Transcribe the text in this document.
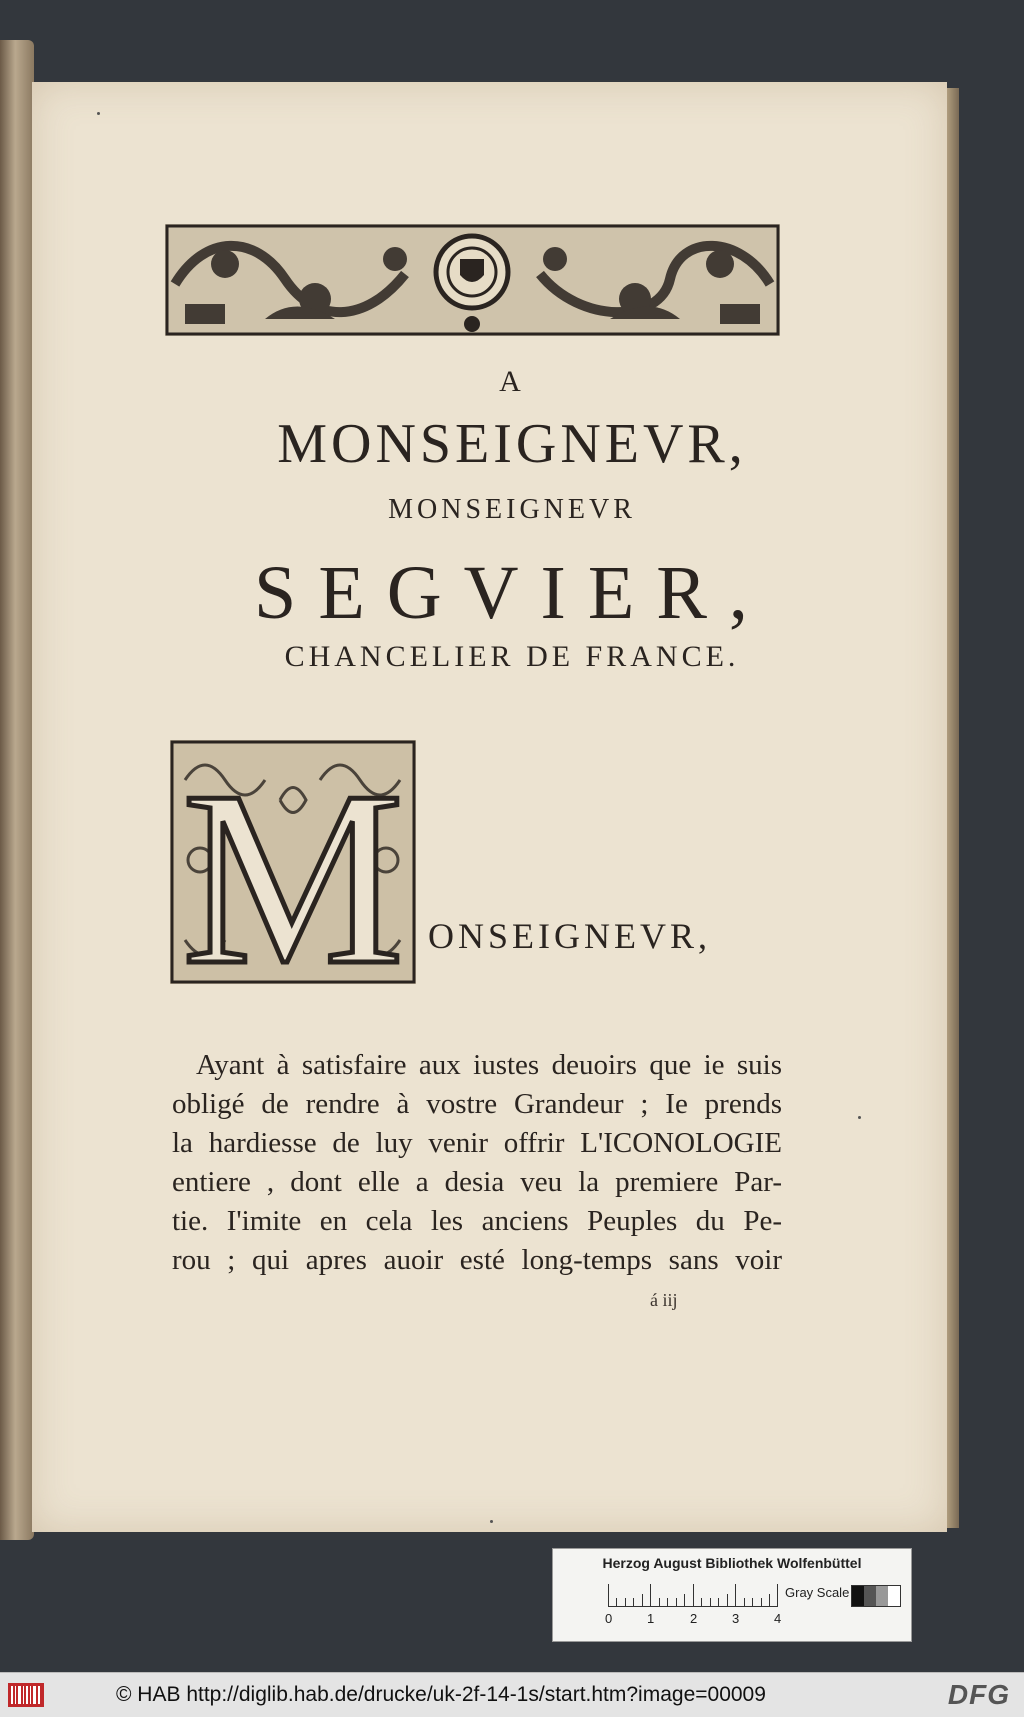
A
MONSEIGNEVR,
MONSEIGNEVR
SEGVIER,
CHANCELIER DE FRANCE.
M ONSEIGNEVR,
Ayant à satisfaire aux iustes deuoirs que ie suis
obligé de rendre à vostre Grandeur ; Ie prends
la hardiesse de luy venir offrir L'ICONOLOGIE
entiere , dont elle a desia veu la premiere Par-
tie. I'imite en cela les anciens Peuples du Pe-
rou ; qui apres auoir esté long-temps sans voir
á iij
Herzog August Bibliothek Wolfenbüttel
0	1	2	3	4
Gray Scale
© HAB http://diglib.hab.de/drucke/uk-2f-14-1s/start.htm?image=00009	DFG
